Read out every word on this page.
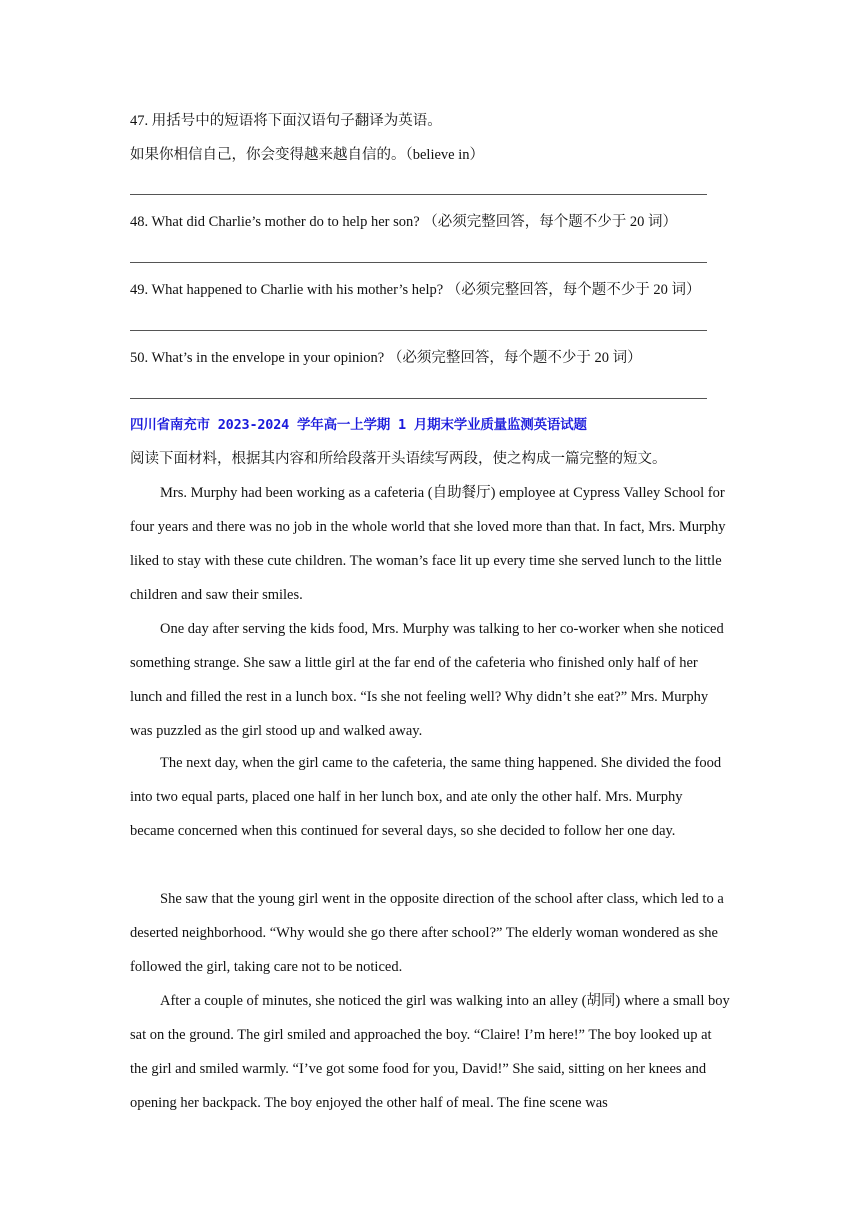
47. 用括号中的短语将下面汉语句子翻译为英语。
如果你相信自己，你会变得越来越自信的。（believe in）
48. What did Charlie’s mother do to help her son? （必须完整回答，每个题不少于 20 词）
49. What happened to Charlie with his mother’s help? （必须完整回答，每个题不少于 20 词）
50. What’s in the envelope in your opinion? （必须完整回答，每个题不少于 20 词）
四川省南充市 2023-2024 学年高一上学期 1 月期末学业质量监测英语试题
阅读下面材料，根据其内容和所给段落开头语续写两段，使之构成一篇完整的短文。
Mrs. Murphy had been working as a cafeteria (自助餐厅) employee at Cypress Valley School for four years and there was no job in the whole world that she loved more than that. In fact, Mrs. Murphy liked to stay with these cute children. The woman’s face lit up every time she served lunch to the little children and saw their smiles.
One day after serving the kids food, Mrs. Murphy was talking to her co-worker when she noticed something strange. She saw a little girl at the far end of the cafeteria who finished only half of her lunch and filled the rest in a lunch box. “Is she not feeling well? Why didn’t she eat?” Mrs. Murphy was puzzled as the girl stood up and walked away.
The next day, when the girl came to the cafeteria, the same thing happened. She divided the food into two equal parts, placed one half in her lunch box, and ate only the other half. Mrs. Murphy became concerned when this continued for several days, so she decided to follow her one day.
She saw that the young girl went in the opposite direction of the school after class, which led to a deserted neighborhood. “Why would she go there after school?” The elderly woman wondered as she followed the girl, taking care not to be noticed.
After a couple of minutes, she noticed the girl was walking into an alley (胡同) where a small boy sat on the ground. The girl smiled and approached the boy. “Claire! I’m here!” The boy looked up at the girl and smiled warmly. “I’ve got some food for you, David!” She said, sitting on her knees and opening her backpack. The boy enjoyed the other half of meal. The fine scene was
